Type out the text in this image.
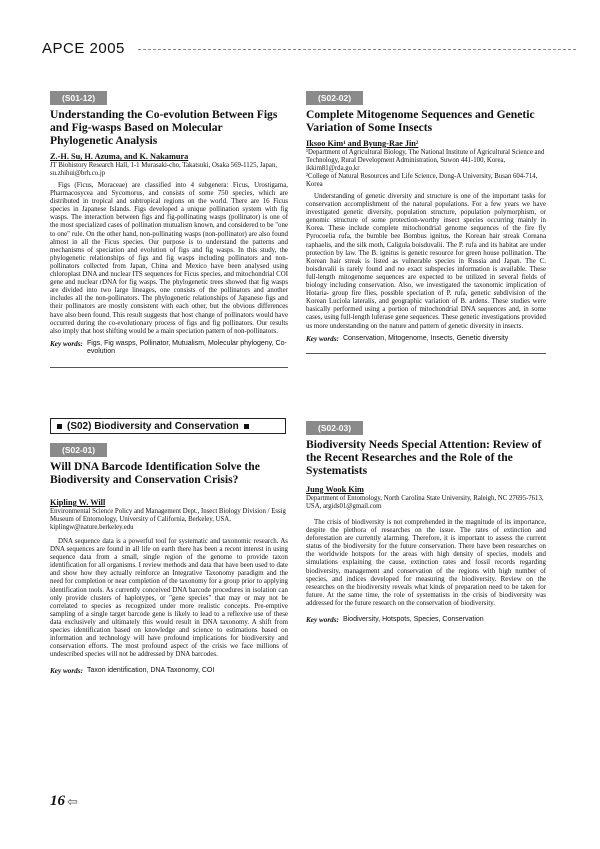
APCE 2005
(S01-12)
Understanding the Co-evolution Between Figs and Fig-wasps Based on Molecular Phylogenetic Analysis
Z.-H. Su, H. Azuma, and K. Nakamura
JT Biohistory Research Hall, 1-1 Murasaki-cho, Takatsuki, Osaka 569-1125, Japan, su.zhihui@brh.co.jp
Figs (Ficus, Moraceae) are classified into 4 subgenera: Ficus, Urostigama, Pharmacosycea and Sycomorus, and consists of some 750 species, which are distributed in tropical and subtropical regions on the world. There are 16 Ficus species in Japanese Islands. Figs developed a unique pollination system with fig wasps. The interaction between figs and fig-pollinating wasps (pollinator) is one of the most specialized cases of pollination mutualism known, and considered to be "one to one" rule. On the other hand, non-pollinating wasps (non-pollinator) are also found almost in all the Ficus species. Our purpose is to understand the patterns and mechanisms of speciation and evolution of figs and fig wasps. In this study, the phylogenetic relationships of figs and fig wasps including pollinators and non-pollinators collected from Japan, China and Mexico have been analysed using chloroplast DNA and nuclear ITS sequences for Ficus species, and mitochondrial COI gene and nuclear rDNA for fig wasps. The phylogenetic trees showed that fig wasps are divided into two large lineages, one consists of the pollinators and another includes all the non-pollinators. The phylogenetic relationships of Japanese figs and their pollinators are mostly consistent with each other, but the obvious differences have also been found. This result suggests that host change of pollinators would have occurred during the co-evolutionary process of figs and fig pollinators. Our results also imply that host shifting would be a main speciation pattern of non-pollinators.
Key words: Figs, Fig wasps, Pollinator, Mutualism, Molecular phylogeny, Co-evolution
(S02) Biodiversity and Conservation
(S02-01)
Will DNA Barcode Identification Solve the Biodiversity and Conservation Crisis?
Kipling W. Will
Environmental Science Policy and Management Dept., Insect Biology Division / Essig Museum of Entomology, University of California, Berkeley, USA, kiplingw@nature.berkeley.edu
DNA sequence data is a powerful tool for systematic and taxonomic research. As DNA sequences are found in all life on earth there has been a recent interest in using sequence data from a small, single region of the genome to provide taxon identification for all organisms. I review methods and data that have been used to date and show how they actually reinforce an Integrative Taxonomy paradigm and the need for completion or near completion of the taxonomy for a group prior to applying identification tools. As currently conceived DNA barcode procedures in isolation can only provide clusters of haplotypes, or "gene species" that may or may not be correlated to species as recognized under more realistic concepts. Pre-emptive sampling of a single target barcode gene is likely to lead to a reflexive use of these data exclusively and ultimately this would result in DNA taxonomy. A shift from species identification based on knowledge and science to estimations based on information and technology will have profound implications for biodiversity and conservation efforts. The most profound aspect of the crisis we face millions of undescribed species will not be addressed by DNA barcodes.
Key words: Taxon identification, DNA Taxonomy, COI
(S02-02)
Complete Mitogenome Sequences and Genetic Variation of Some Insects
Iksoo Kim¹ and Byung-Rae Jin²
¹Department of Agricultural Biology, The National Institute of Agricultural Science and Technology, Rural Development Administration, Suwon 441-100, Korea, ikkim81@rda.go.kr
²College of Natural Resources and Life Science, Dong-A University, Busan 604-714, Korea
Understanding of genetic diversity and structure is one of the important tasks for conservation accomplishment of the natural populations. For a few years we have investigated genetic diversity, population structure, population polymorphism, or genomic structure of some protection-worthy insect species occurring mainly in Korea. These include complete mitochondrial genome sequences of the fire fly Pyrocoelia rufa, the bumble bee Bombus ignitus, the Korean hair streak Coreana raphaelis, and the silk moth, Caligula boisduvalii. The P. rufa and its habitat are under protection by law. The B. ignitus is genetic resource for green house pollination. The Korean hair streak is listed as vulnerable species in Russia and Japan. The C. boisduvalii is rarely found and no exact subspecies information is available. These full-length mitogenome sequences are expected to be utilized in several fields of biology including conservation. Also, we investigated the taxonomic implication of Hotaria- group fire flies, possible speciation of P. rufa, genetic subdivision of the Korean Luciola lateralis, and geographic variation of B. ardens. These studies were basically performed using a portion of mitochondrial DNA sequences and, in some cases, using full-length luferase gene sequences. These genetic investigations provided us more understanding on the nature and pattern of genetic diversity in insects.
Key words: Conservation, Mitogenome, Insects, Genetic diversity
(S02-03)
Biodiversity Needs Special Attention: Review of the Recent Researches and the Role of the Systematists
Jung Wook Kim
Department of Entomology, North Carolina State University, Raleigh, NC 27695-7613, USA, argids01@gmail.com
The crisis of biodiversity is not comprehended in the magnitude of its importance, despite the plethora of researches on the issue. The rates of extinction and deforestation are currently alarming. Therefore, it is important to assess the current status of the biodiversity for the future conservation. There have been researches on the worldwide hotspots for the areas with high density of species, models and simulations explaining the cause, extinction rates and fossil records regarding biodiversity, management and conservation of the regions with high number of species, and indices developed for measuring the biodiversity. Review on the researches on the biodiversity reveals what kinds of preparation need to be taken for future. At the same time, the role of systematists in the crisis of biodiversity was addressed for the future research on the conservation of biodiversity.
Key words: Biodiversity, Hotspots, Species, Conservation
16 ⇦
